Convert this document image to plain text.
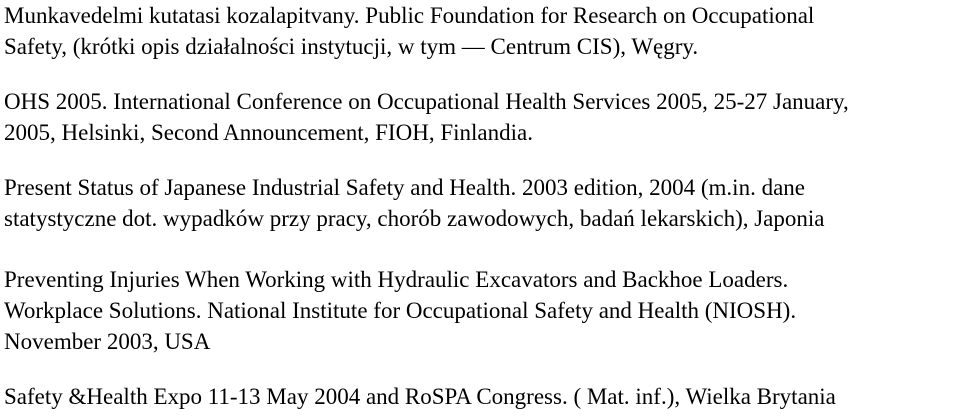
Munkavedelmi kutatasi kozalapitvany. Public Foundation for Research on Occupational
Safety, (krótki opis działalności instytucji, w tym — Centrum CIS), Węgry.

OHS 2005. International Conference on Occupational Health Services 2005, 25-27 January,
2005, Helsinki, Second Announcement, FIOH, Finlandia.

Present Status of Japanese Industrial Safety and Health. 2003 edition, 2004 (m.in. dane
statystyczne dot. wypadków przy pracy, chorób zawodowych, badań lekarskich), Japonia

Preventing Injuries When Working with Hydraulic Excavators and Backhoe Loaders.
Workplace Solutions. National Institute for Occupational Safety and Health (NIOSH).
November 2003, USA

Safety &Health Expo 11-13 May 2004 and RoSPA Congress. ( Mat. inf.), Wielka Brytania
